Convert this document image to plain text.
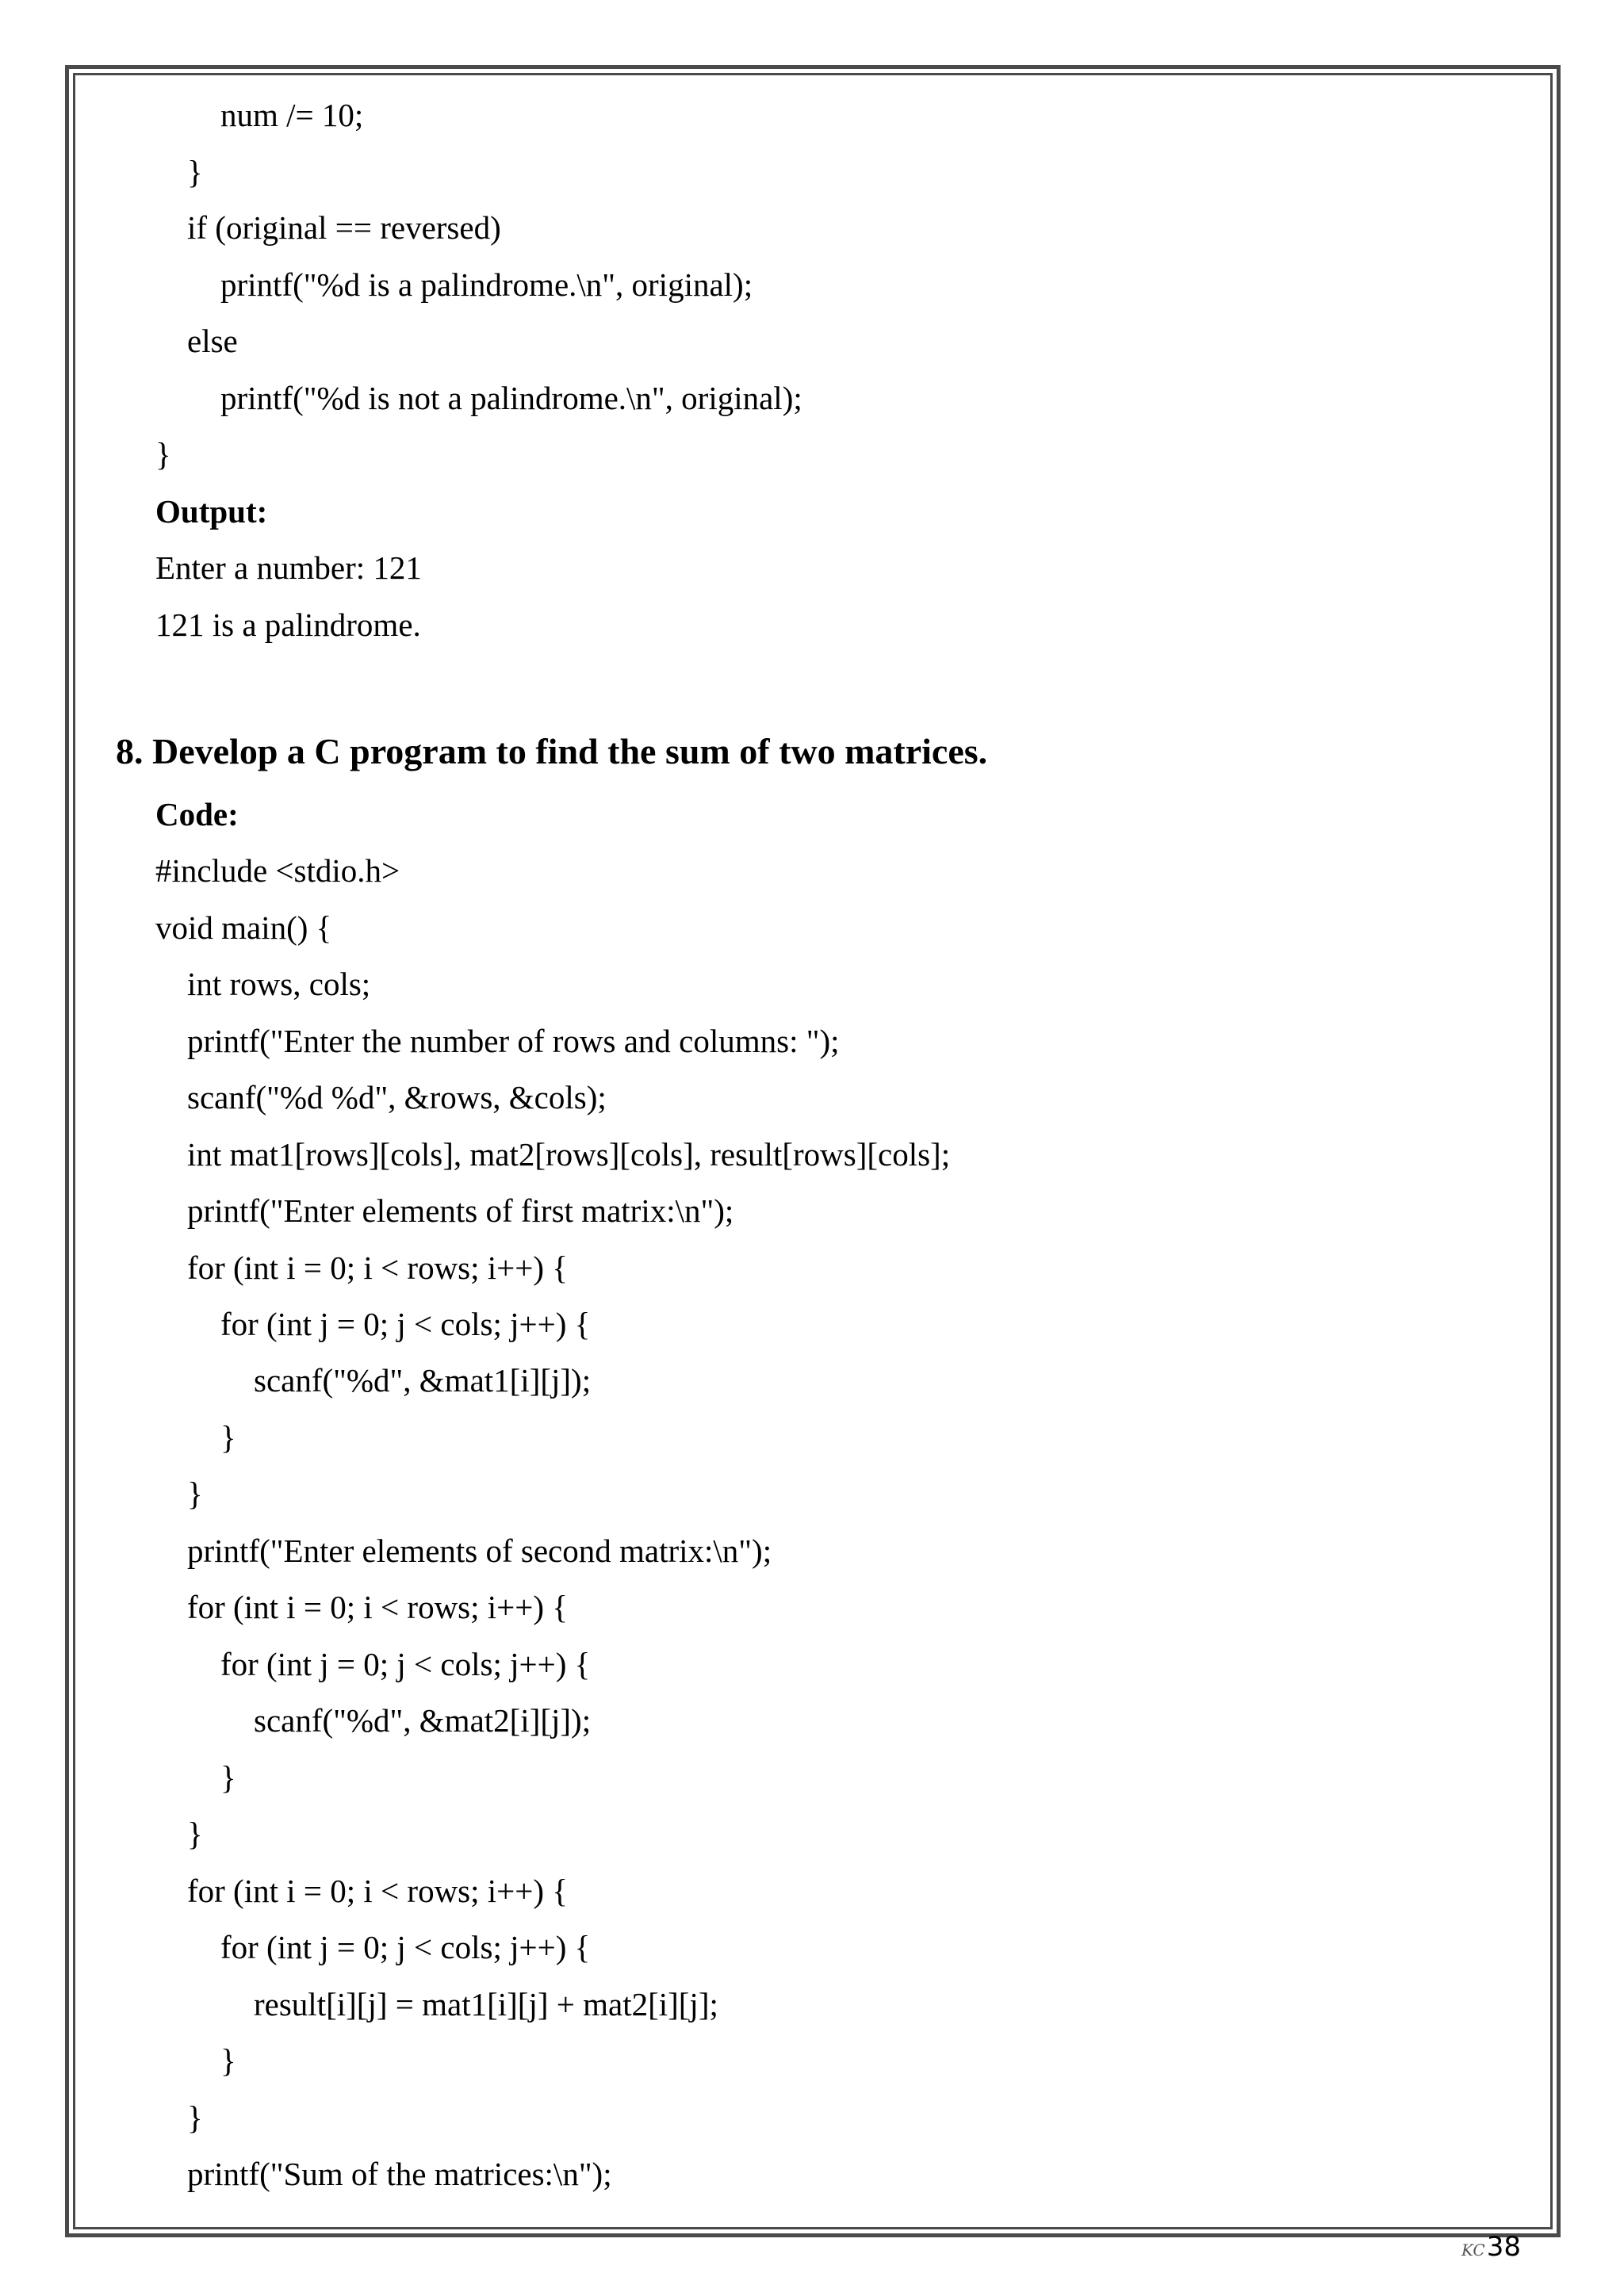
num /= 10;
}
if (original == reversed)
printf("%d is a palindrome.\n", original);
else
printf("%d is not a palindrome.\n", original);
}
Output:
Enter a number: 121
121 is a palindrome.
8. Develop a C program to find the sum of two matrices.
Code:
#include <stdio.h>
void main() {
int rows, cols;
printf("Enter the number of rows and columns: ");
scanf("%d %d", &rows, &cols);
int mat1[rows][cols], mat2[rows][cols], result[rows][cols];
printf("Enter elements of first matrix:\n");
for (int i = 0; i < rows; i++) {
for (int j = 0; j < cols; j++) {
scanf("%d", &mat1[i][j]);
}
}
printf("Enter elements of second matrix:\n");
for (int i = 0; i < rows; i++) {
for (int j = 0; j < cols; j++) {
scanf("%d", &mat2[i][j]);
}
}
for (int i = 0; i < rows; i++) {
for (int j = 0; j < cols; j++) {
result[i][j] = mat1[i][j] + mat2[i][j];
}
}
printf("Sum of the matrices:\n");
KC 38
